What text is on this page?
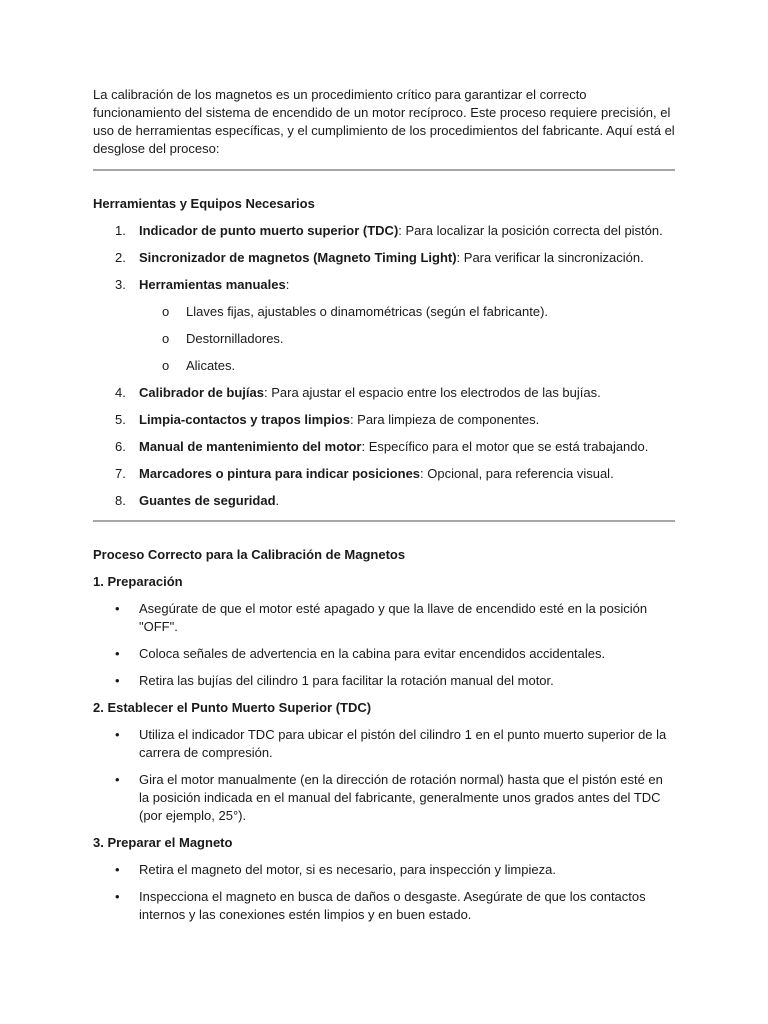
La calibración de los magnetos es un procedimiento crítico para garantizar el correcto funcionamiento del sistema de encendido de un motor recíproco. Este proceso requiere precisión, el uso de herramientas específicas, y el cumplimiento de los procedimientos del fabricante. Aquí está el desglose del proceso:

Herramientas y Equipos Necesarios

1. Indicador de punto muerto superior (TDC): Para localizar la posición correcta del pistón.
2. Sincronizador de magnetos (Magneto Timing Light): Para verificar la sincronización.
3. Herramientas manuales:
o Llaves fijas, ajustables o dinamométricas (según el fabricante).
o Destornilladores.
o Alicates.
4. Calibrador de bujías: Para ajustar el espacio entre los electrodos de las bujías.
5. Limpia-contactos y trapos limpios: Para limpieza de componentes.
6. Manual de mantenimiento del motor: Específico para el motor que se está trabajando.
7. Marcadores o pintura para indicar posiciones: Opcional, para referencia visual.
8. Guantes de seguridad.

Proceso Correcto para la Calibración de Magnetos

1. Preparación

• Asegúrate de que el motor esté apagado y que la llave de encendido esté en la posición "OFF".
• Coloca señales de advertencia en la cabina para evitar encendidos accidentales.
• Retira las bujías del cilindro 1 para facilitar la rotación manual del motor.

2. Establecer el Punto Muerto Superior (TDC)

• Utiliza el indicador TDC para ubicar el pistón del cilindro 1 en el punto muerto superior de la carrera de compresión.
• Gira el motor manualmente (en la dirección de rotación normal) hasta que el pistón esté en la posición indicada en el manual del fabricante, generalmente unos grados antes del TDC (por ejemplo, 25°).

3. Preparar el Magneto

• Retira el magneto del motor, si es necesario, para inspección y limpieza.
• Inspecciona el magneto en busca de daños o desgaste. Asegúrate de que los contactos internos y las conexiones estén limpios y en buen estado.
